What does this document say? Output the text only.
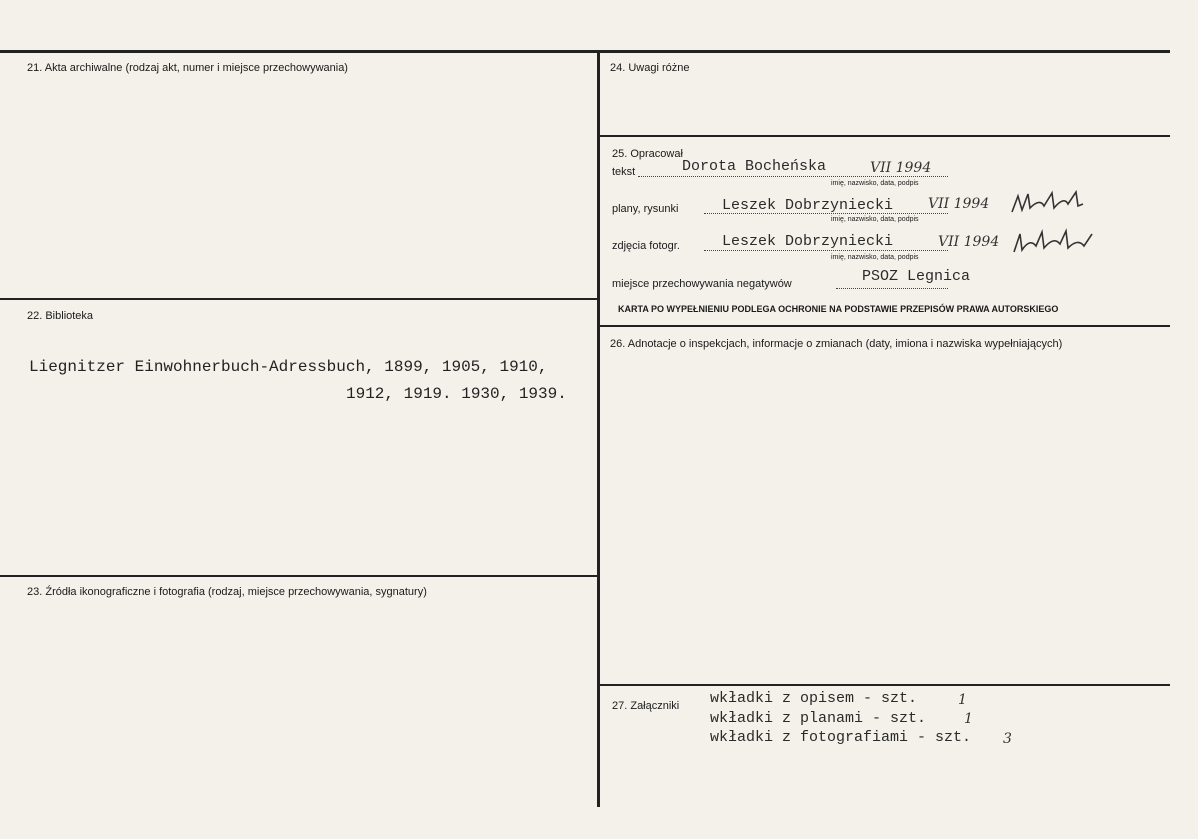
21. Akta archiwalne (rodzaj akt, numer i miejsce przechowywania)
22. Biblioteka
Liegnitzer Einwohnerbuch-Adressbuch, 1899, 1905, 1910,
1912, 1919. 1930, 1939.
23. Źródła ikonograficzne i fotografia (rodzaj, miejsce przechowywania, sygnatury)
24. Uwagi różne
25. Opracował
tekst	Dorota Bocheńska	VII 1994
imię, nazwisko, data, podpis
plany, rysunki	Leszek Dobrzyniecki VII 1994
imię, nazwisko, data, podpis
zdjęcia fotogr.	Leszek Dobrzyniecki	VII 1994
imię, nazwisko, data, podpis
miejsce przechowywania negatywów	PSOZ Legnica
KARTA PO WYPEŁNIENIU PODLEGA OCHRONIE NA PODSTAWIE PRZEPISÓW PRAWA AUTORSKIEGO
26. Adnotacje o inspekcjach, informacje o zmianach (daty, imiona i nazwiska wypełniających)
27. Załączniki wkładki z opisem - szt.	1
wkładki z planami - szt.	1
wkładki z fotografiami - szt. 3
